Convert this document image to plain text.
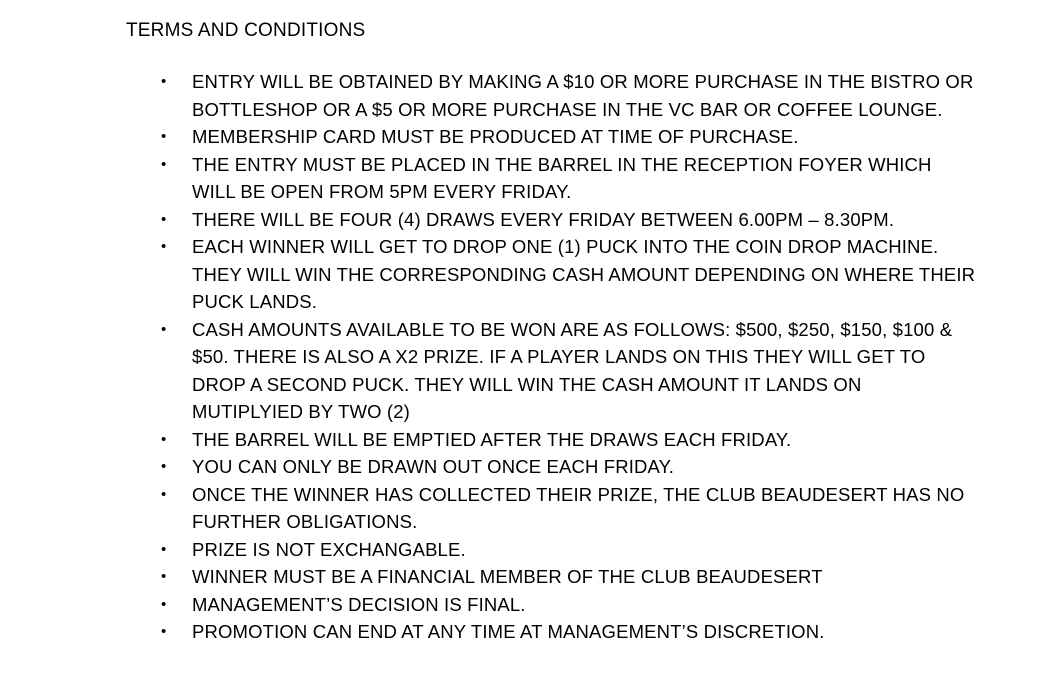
TERMS AND CONDITIONS
• ENTRY WILL BE OBTAINED BY MAKING A $10 OR MORE PURCHASE IN THE BISTRO OR BOTTLESHOP OR A $5 OR MORE PURCHASE IN THE VC BAR OR COFFEE LOUNGE.
• MEMBERSHIP CARD MUST BE PRODUCED AT TIME OF PURCHASE.
• THE ENTRY MUST BE PLACED IN THE BARREL IN THE RECEPTION FOYER WHICH WILL BE OPEN FROM 5PM EVERY FRIDAY.
• THERE WILL BE FOUR (4) DRAWS EVERY FRIDAY BETWEEN 6.00PM – 8.30PM.
• EACH WINNER WILL GET TO DROP ONE (1) PUCK INTO THE COIN DROP MACHINE. THEY WILL WIN THE CORRESPONDING CASH AMOUNT DEPENDING ON WHERE THEIR PUCK LANDS.
• CASH AMOUNTS AVAILABLE TO BE WON ARE AS FOLLOWS: $500, $250, $150, $100 & $50. THERE IS ALSO A X2 PRIZE. IF A PLAYER LANDS ON THIS THEY WILL GET TO DROP A SECOND PUCK. THEY WILL WIN THE CASH AMOUNT IT LANDS ON MUTIPLYIED BY TWO (2)
• THE BARREL WILL BE EMPTIED AFTER THE DRAWS EACH FRIDAY.
• YOU CAN ONLY BE DRAWN OUT ONCE EACH FRIDAY.
• ONCE THE WINNER HAS COLLECTED THEIR PRIZE, THE CLUB BEAUDESERT HAS NO FURTHER OBLIGATIONS.
• PRIZE IS NOT EXCHANGABLE.
• WINNER MUST BE A FINANCIAL MEMBER OF THE CLUB BEAUDESERT
• MANAGEMENT’S DECISION IS FINAL.
• PROMOTION CAN END AT ANY TIME AT MANAGEMENT’S DISCRETION.
